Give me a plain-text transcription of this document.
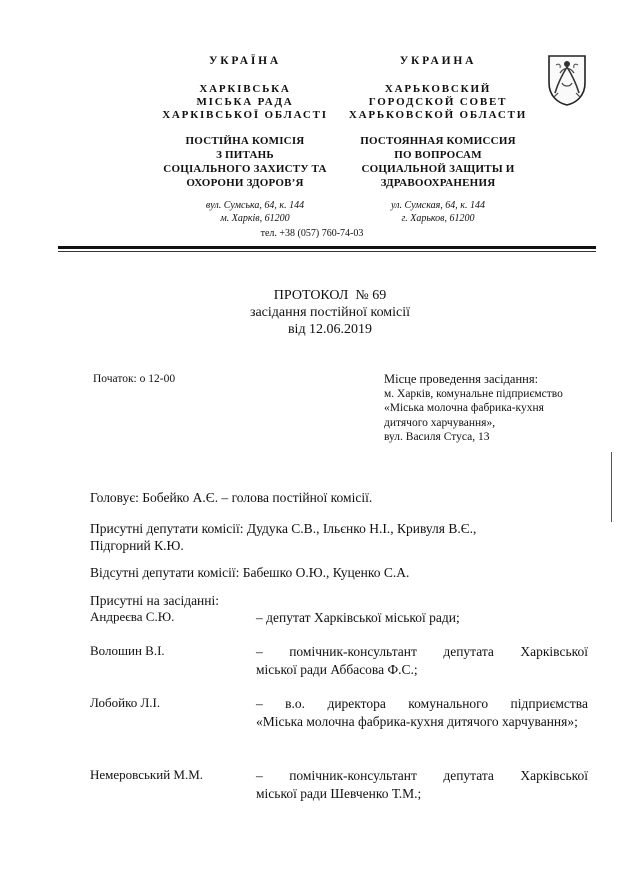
УКРАЇНА
ХАРКІВСЬКА
МІСЬКА РАДА
ХАРКІВСЬКОЇ ОБЛАСТІ
ПОСТІЙНА КОМІСІЯ
З ПИТАНЬ
СОЦІАЛЬНОГО ЗАХИСТУ ТА
ОХОРОНИ ЗДОРОВ’Я
вул. Сумська, 64, к. 144
м. Харків, 61200
УКРАИНА
ХАРЬКОВСКИЙ
ГОРОДСКОЙ СОВЕТ
ХАРЬКОВСКОЙ ОБЛАСТИ
ПОСТОЯННАЯ КОМИССИЯ
ПО ВОПРОСАМ
СОЦИАЛЬНОЙ ЗАЩИТЫ И
ЗДРАВООХРАНЕНИЯ
ул. Сумская, 64, к. 144
г. Харьков, 61200
тел. +38 (057) 760-74-03
ПРОТОКОЛ  № 69
засідання постійної комісії
від 12.06.2019
Початок: о 12-00	Місце проведення засідання:
м. Харків, комунальне підприємство
«Міська молочна фабрика-кухня
дитячого харчування»,
вул. Василя Стуса, 13
Головує: Бобейко А.Є. – голова постійної комісії.
Присутні депутати комісії: Дудука С.В., Ільєнко Н.І., Кривуля В.Є.,
Підгорний К.Ю.
Відсутні депутати комісії: Бабешко О.Ю., Куценко С.А.
Присутні на засіданні:
Андреєва С.Ю.	– депутат Харківської міської ради;
Волошин В.І.	– помічник-консультант депутата Харківської
міської ради Аббасова Ф.С.;
Лобойко Л.І.	– в.о. директора комунального підприємства
«Міська молочна фабрика-кухня дитячого харчування»;
Немеровський М.М.	– помічник-консультант депутата Харківської
міської ради Шевченко Т.М.;
